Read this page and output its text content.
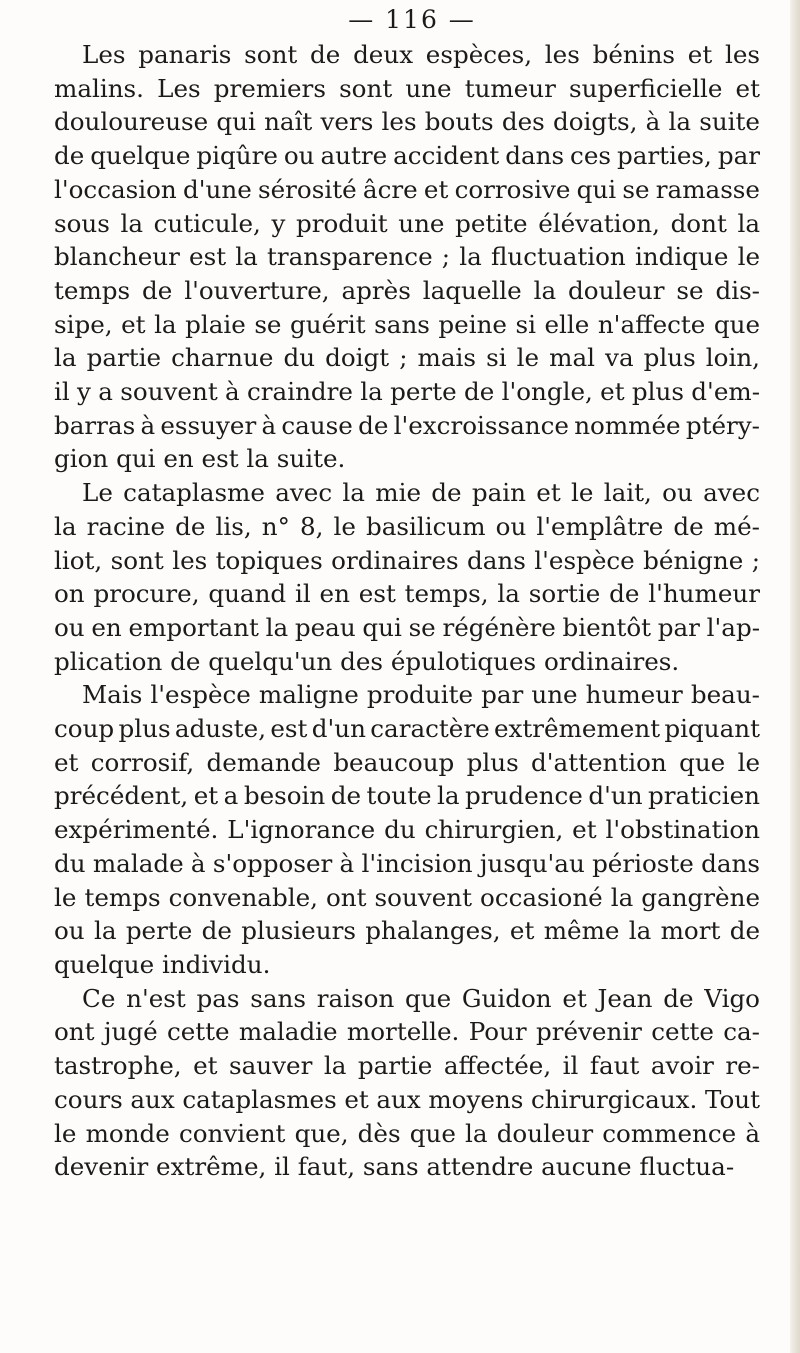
— 116 —

Les panaris sont de deux espèces, les bénins et les
malins. Les premiers sont une tumeur superficielle et
douloureuse qui naît vers les bouts des doigts, à la suite
de quelque piqûre ou autre accident dans ces parties, par
l'occasion d'une sérosité âcre et corrosive qui se ramasse
sous la cuticule, y produit une petite élévation, dont la
blancheur est la transparence ; la fluctuation indique le
temps de l'ouverture, après laquelle la douleur se dis-
sipe, et la plaie se guérit sans peine si elle n'affecte que
la partie charnue du doigt ; mais si le mal va plus loin,
il y a souvent à craindre la perte de l'ongle, et plus d'em-
barras à essuyer à cause de l'excroissance nommée ptéry-
gion qui en est la suite.
Le cataplasme avec la mie de pain et le lait, ou avec
la racine de lis, n° 8, le basilicum ou l'emplâtre de mé-
liot, sont les topiques ordinaires dans l'espèce bénigne ;
on procure, quand il en est temps, la sortie de l'humeur
ou en emportant la peau qui se régénère bientôt par l'ap-
plication de quelqu'un des épulotiques ordinaires.
Mais l'espèce maligne produite par une humeur beau-
coup plus aduste, est d'un caractère extrêmement piquant
et corrosif, demande beaucoup plus d'attention que le
précédent, et a besoin de toute la prudence d'un praticien
expérimenté. L'ignorance du chirurgien, et l'obstination
du malade à s'opposer à l'incision jusqu'au périoste dans
le temps convenable, ont souvent occasioné la gangrène
ou la perte de plusieurs phalanges, et même la mort de
quelque individu.
Ce n'est pas sans raison que Guidon et Jean de Vigo
ont jugé cette maladie mortelle. Pour prévenir cette ca-
tastrophe, et sauver la partie affectée, il faut avoir re-
cours aux cataplasmes et aux moyens chirurgicaux. Tout
le monde convient que, dès que la douleur commence à
devenir extrême, il faut, sans attendre aucune fluctua-
